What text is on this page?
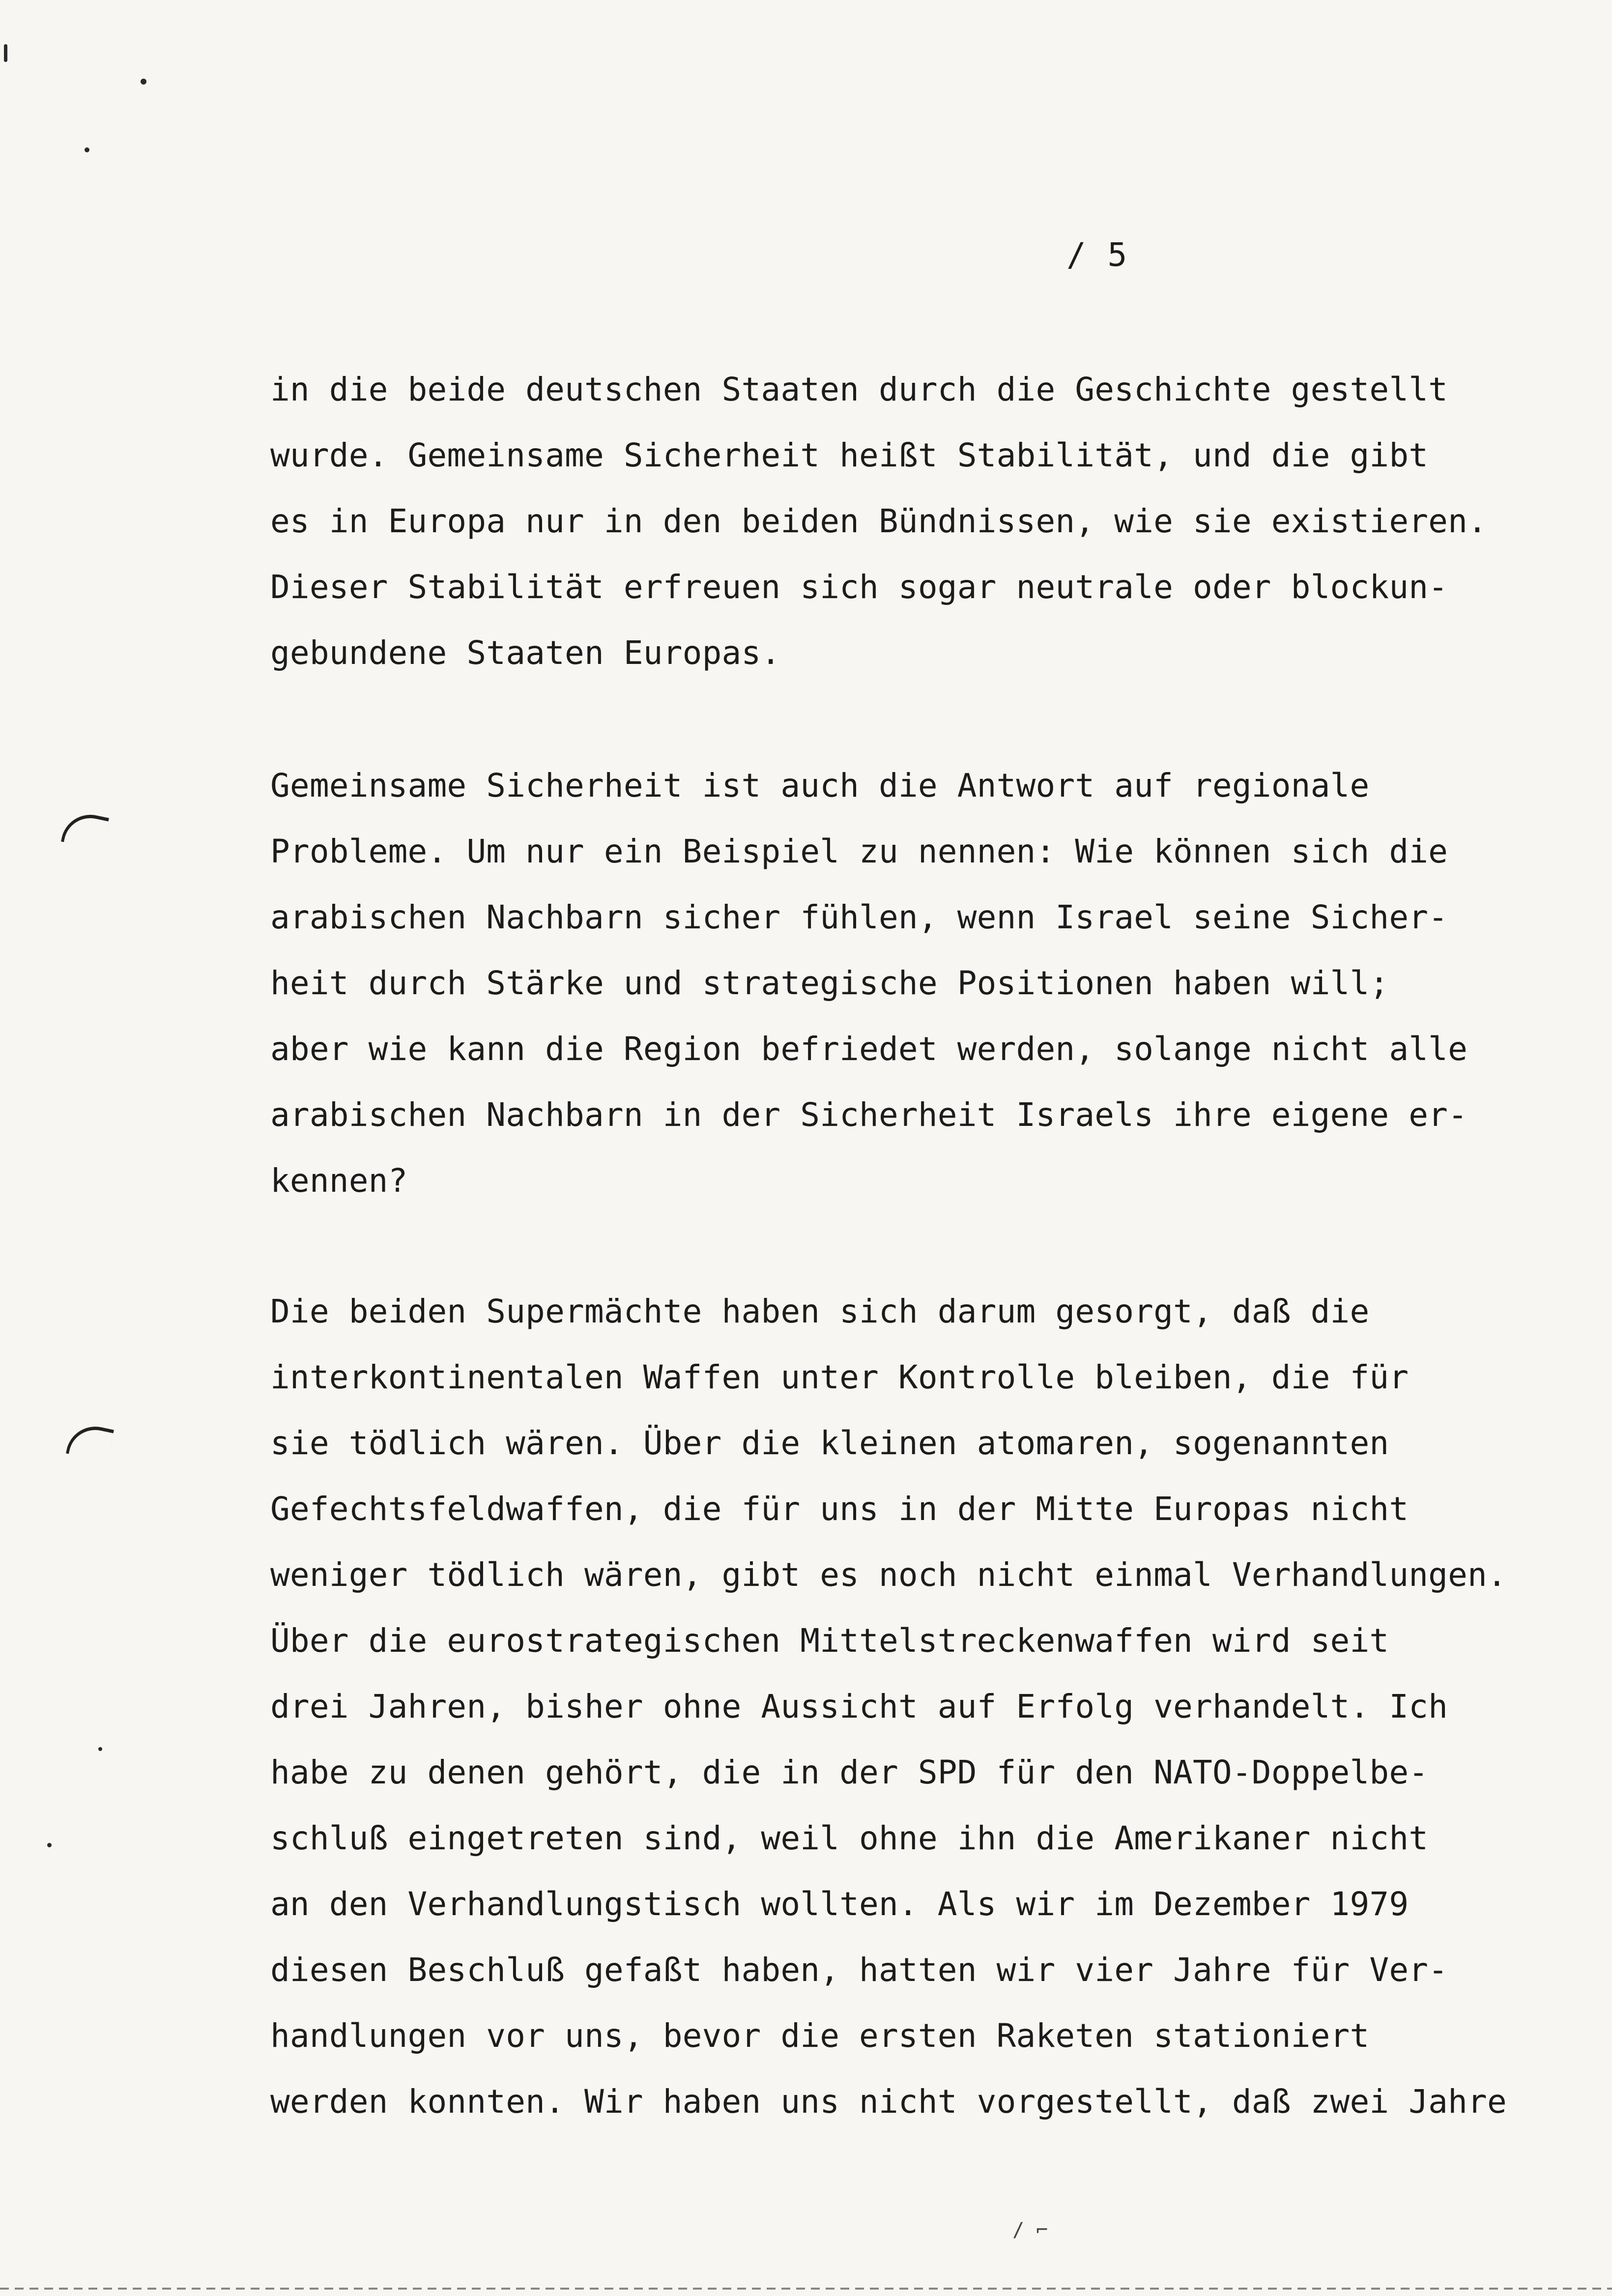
/ 5
in die beide deutschen Staaten durch die Geschichte gestellt
wurde. Gemeinsame Sicherheit heißt Stabilität, und die gibt
es in Europa nur in den beiden Bündnissen, wie sie existieren.
Dieser Stabilität erfreuen sich sogar neutrale oder blockun-
gebundene Staaten Europas.
Gemeinsame Sicherheit ist auch die Antwort auf regionale
Probleme. Um nur ein Beispiel zu nennen: Wie können sich die
arabischen Nachbarn sicher fühlen, wenn Israel seine Sicher-
heit durch Stärke und strategische Positionen haben will;
aber wie kann die Region befriedet werden, solange nicht alle
arabischen Nachbarn in der Sicherheit Israels ihre eigene er-
kennen?
Die beiden Supermächte haben sich darum gesorgt, daß die
interkontinentalen Waffen unter Kontrolle bleiben, die für
sie tödlich wären. Über die kleinen atomaren, sogenannten
Gefechtsfeldwaffen, die für uns in der Mitte Europas nicht
weniger tödlich wären, gibt es noch nicht einmal Verhandlungen.
Über die eurostrategischen Mittelstreckenwaffen wird seit
drei Jahren, bisher ohne Aussicht auf Erfolg verhandelt. Ich
habe zu denen gehört, die in der SPD für den NATO-Doppelbe-
schluß eingetreten sind, weil ohne ihn die Amerikaner nicht
an den Verhandlungstisch wollten. Als wir im Dezember 1979
diesen Beschluß gefaßt haben, hatten wir vier Jahre für Ver-
handlungen vor uns, bevor die ersten Raketen stationiert
werden konnten. Wir haben uns nicht vorgestellt, daß zwei Jahre
/ ⌐
